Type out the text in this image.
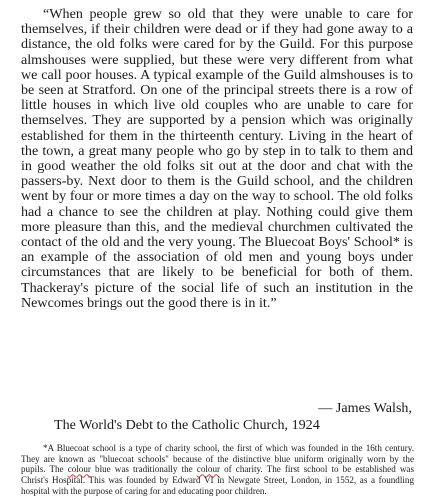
“When people grew so old that they were unable to care for themselves, if their children were dead or if they had gone away to a distance, the old folks were cared for by the Guild. For this purpose almshouses were supplied, but these were very different from what we call poor houses. A typical example of the Guild almshouses is to be seen at Stratford. On one of the principal streets there is a row of little houses in which live old couples who are unable to care for themselves. They are supported by a pension which was originally established for them in the thirteenth century. Living in the heart of the town, a great many people who go by step in to talk to them and in good weather the old folks sit out at the door and chat with the passers-by. Next door to them is the Guild school, and the children went by four or more times a day on the way to school. The old folks had a chance to see the children at play. Nothing could give them more pleasure than this, and the medieval churchmen cultivated the contact of the old and the very young. The Bluecoat Boys' School* is an example of the association of old men and young boys under circumstances that are likely to be beneficial for both of them. Thackeray's picture of the social life of such an institution in the Newcomes brings out the good there is in it.”

— James Walsh,
The World's Debt to the Catholic Church, 1924

*A Bluecoat school is a type of charity school, the first of which was founded in the 16th century. They are known as "bluecoat schools" because of the distinctive blue uniform originally worn by the pupils. The colour blue was traditionally the colour of charity. The first school to be established was Christ's Hospital. This was founded by Edward VI in Newgate Street, London, in 1552, as a foundling hospital with the purpose of caring for and educating poor children.
